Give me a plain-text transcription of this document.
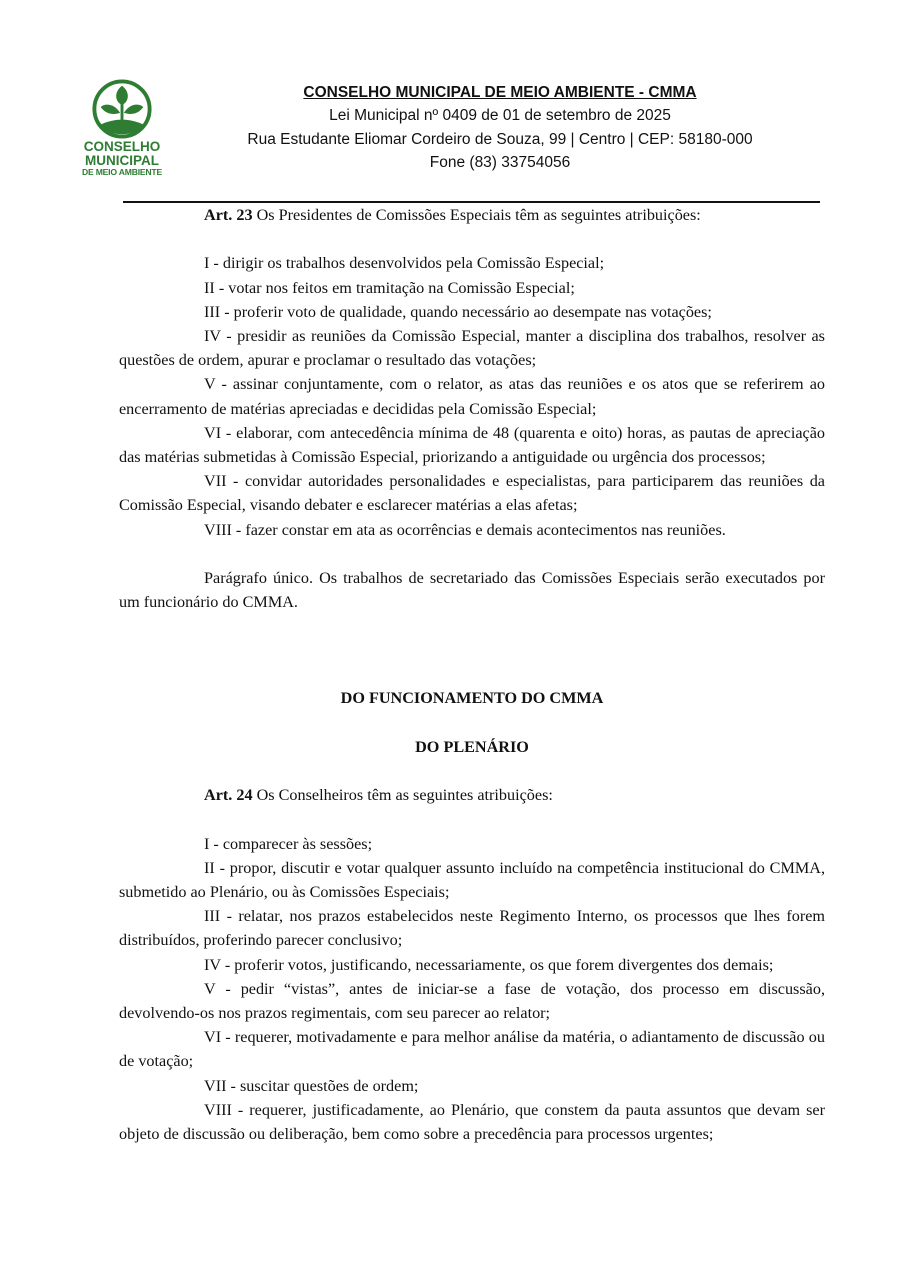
CONSELHO
MUNICIPAL
DE MEIO AMBIENTE
CONSELHO MUNICIPAL DE MEIO AMBIENTE - CMMA
Lei Municipal nº 0409 de 01 de setembro de 2025
Rua Estudante Eliomar Cordeiro de Souza, 99 | Centro | CEP: 58180-000
Fone (83) 33754056

Art. 23 Os Presidentes de Comissões Especiais têm as seguintes atribuições:

I - dirigir os trabalhos desenvolvidos pela Comissão Especial;

II - votar nos feitos em tramitação na Comissão Especial;

III - proferir voto de qualidade, quando necessário ao desempate nas votações;

IV - presidir as reuniões da Comissão Especial, manter a disciplina dos trabalhos, resolver as questões de ordem, apurar e proclamar o resultado das votações;

V - assinar conjuntamente, com o relator, as atas das reuniões e os atos que se referirem ao encerramento de matérias apreciadas e decididas pela Comissão Especial;

VI - elaborar, com antecedência mínima de 48 (quarenta e oito) horas, as pautas de apreciação das matérias submetidas à Comissão Especial, priorizando a antiguidade ou urgência dos processos;

VII - convidar autoridades personalidades e especialistas, para participarem das reuniões da Comissão Especial, visando debater e esclarecer matérias a elas afetas;

VIII - fazer constar em ata as ocorrências e demais acontecimentos nas reuniões.

Parágrafo único. Os trabalhos de secretariado das Comissões Especiais serão executados por um funcionário do CMMA.

DO FUNCIONAMENTO DO CMMA

DO PLENÁRIO

Art. 24 Os Conselheiros têm as seguintes atribuições:

I - comparecer às sessões;

II - propor, discutir e votar qualquer assunto incluído na competência institucional do CMMA, submetido ao Plenário, ou às Comissões Especiais;

III - relatar, nos prazos estabelecidos neste Regimento Interno, os processos que lhes forem distribuídos, proferindo parecer conclusivo;

IV - proferir votos, justificando, necessariamente, os que forem divergentes dos demais;

V - pedir “vistas”, antes de iniciar-se a fase de votação, dos processo em discussão, devolvendo-os nos prazos regimentais, com seu parecer ao relator;

VI - requerer, motivadamente e para melhor análise da matéria, o adiantamento de discussão ou de votação;

VII - suscitar questões de ordem;

VIII - requerer, justificadamente, ao Plenário, que constem da pauta assuntos que devam ser objeto de discussão ou deliberação, bem como sobre a precedência para processos urgentes;
